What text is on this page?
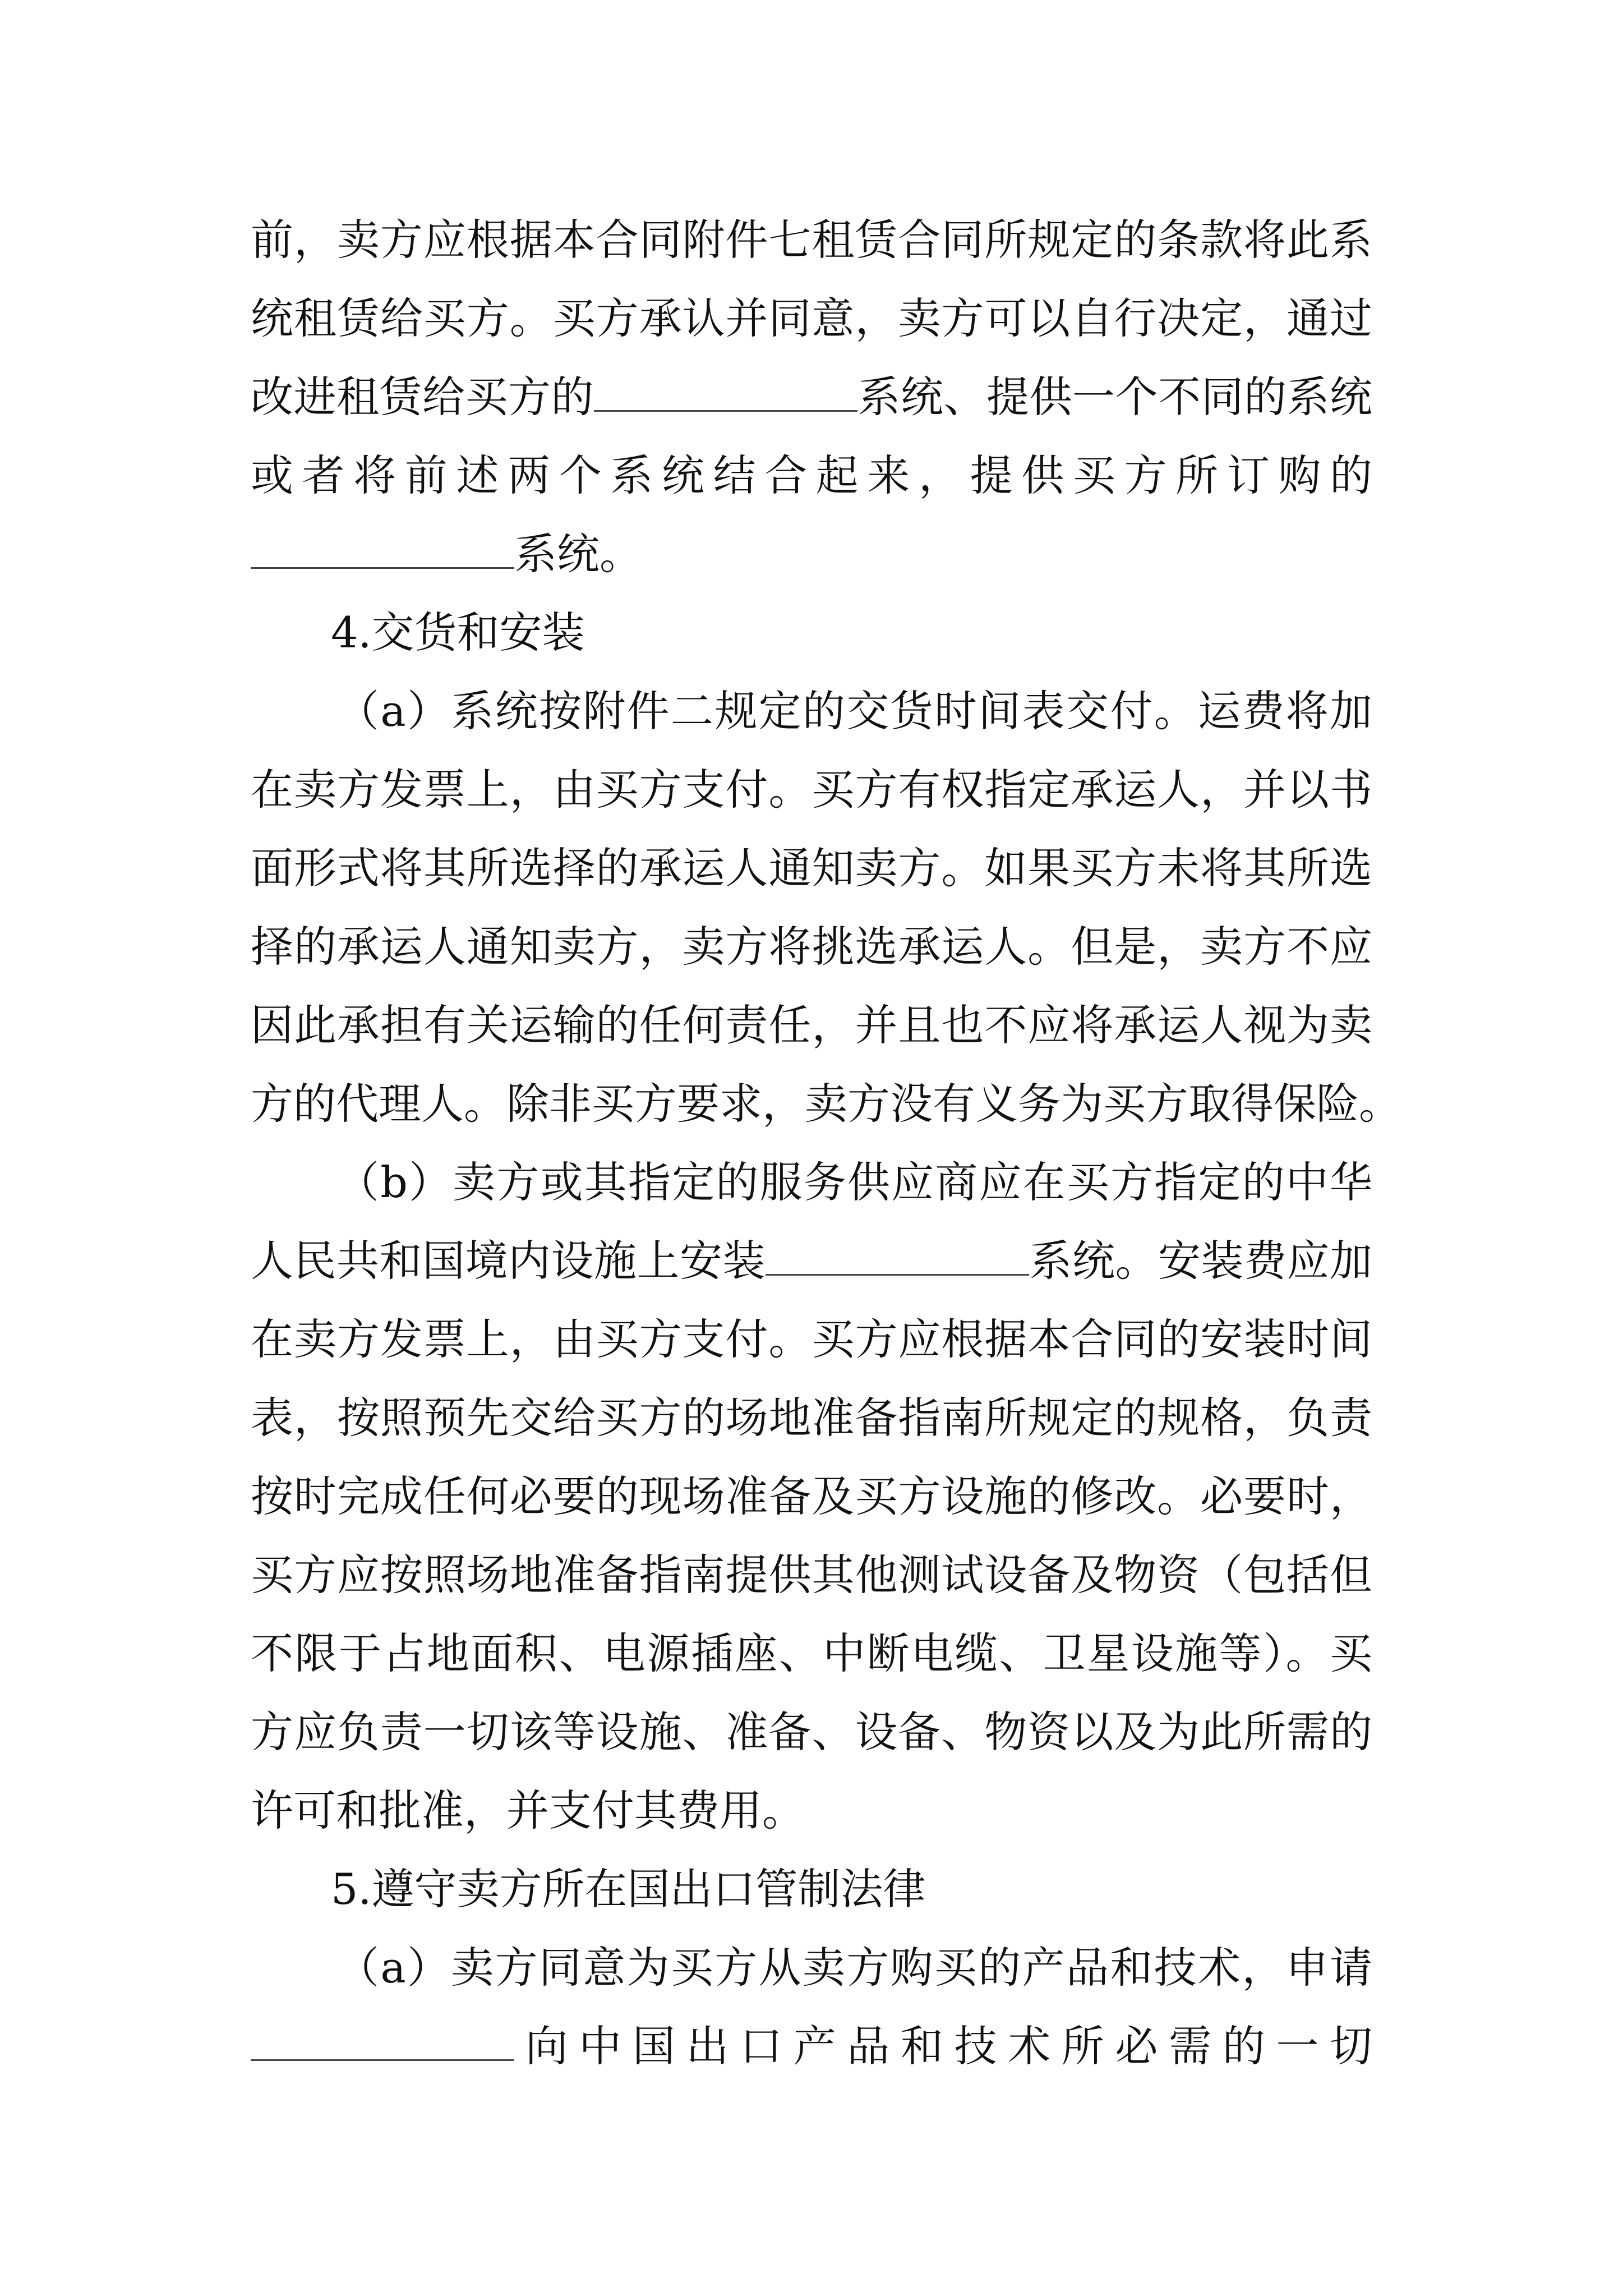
前，卖方应根据本合同附件七租赁合同所规定的条款将此系
统租赁给买方。买方承认并同意，卖方可以自行决定，通过
改进租赁给买方的	系统、提供一个不同的系统
或者将前述两个系统结合起来，提供买方所订购的
系统。
4.交货和安装
（a）系统按附件二规定的交货时间表交付。运费将加
在卖方发票上，由买方支付。买方有权指定承运人，并以书
面形式将其所选择的承运人通知卖方。如果买方未将其所选
择的承运人通知卖方，卖方将挑选承运人。但是，卖方不应
因此承担有关运输的任何责任，并且也不应将承运人视为卖
方的代理人。除非买方要求，卖方没有义务为买方取得保险。
（b）卖方或其指定的服务供应商应在买方指定的中华
人民共和国境内设施上安装	系统。安装费应加
在卖方发票上，由买方支付。买方应根据本合同的安装时间
表，按照预先交给买方的场地准备指南所规定的规格，负责
按时完成任何必要的现场准备及买方设施的修改。必要时，
买方应按照场地准备指南提供其他测试设备及物资（包括但
不限于占地面积、电源插座、中断电缆、卫星设施等）。买
方应负责一切该等设施、准备、设备、物资以及为此所需的
许可和批准，并支付其费用。
5.遵守卖方所在国出口管制法律
（a）卖方同意为买方从卖方购买的产品和技术，申请
向中国出口产品和技术所必需的一切
